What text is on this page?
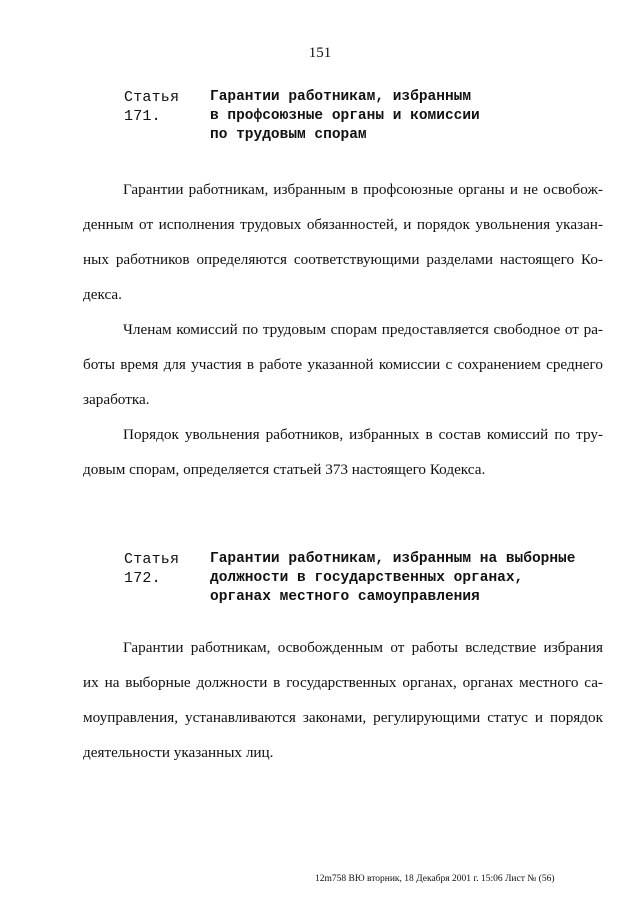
151
Статья 171.
Гарантии работникам, избранным
в профсоюзные органы и комиссии
по трудовым спорам
Гарантии работникам, избранным в профсоюзные органы и не освобож-
денным от исполнения трудовых обязанностей, и порядок увольнения указан-
ных работников определяются соответствующими разделами настоящего Ко-
декса.
Членам комиссий по трудовым спорам предоставляется свободное от ра-
боты время для участия в работе указанной комиссии с сохранением среднего
заработка.
Порядок увольнения работников, избранных в состав комиссий по тру-
довым спорам, определяется статьей 373 настоящего Кодекса.
Статья 172.
Гарантии работникам, избранным на выборные
должности в государственных органах,
органах местного самоуправления
Гарантии работникам, освобожденным от работы вследствие избрания
их на выборные должности в государственных органах, органах местного са-
моуправления, устанавливаются законами, регулирующими статус и порядок
деятельности указанных лиц.
12m758 ВЮ вторник, 18 Декабря 2001 г. 15:06 Лист № (56)
